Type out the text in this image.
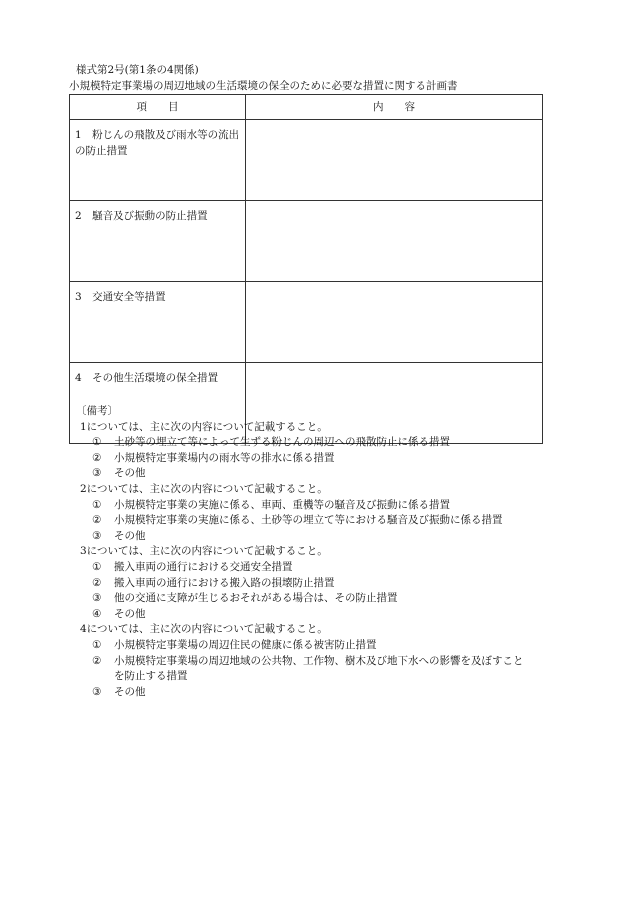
様式第2号(第1条の4関係)
小規模特定事業場の周辺地域の生活環境の保全のために必要な措置に関する計画書
項　　目	内　　容

1　粉じんの飛散及び雨水等の流出の防止措置	

2　騒音及び振動の防止措置	

3　交通安全等措置	

4　その他生活環境の保全措置	

〔備考〕
1については、主に次の内容について記載すること。
① 土砂等の埋立て等によって生ずる粉じんの周辺への飛散防止に係る措置
② 小規模特定事業場内の雨水等の排水に係る措置
③ その他
2については、主に次の内容について記載すること。
① 小規模特定事業の実施に係る、車両、重機等の騒音及び振動に係る措置
② 小規模特定事業の実施に係る、土砂等の埋立て等における騒音及び振動に係る措置
③ その他
3については、主に次の内容について記載すること。
① 搬入車両の通行における交通安全措置
② 搬入車両の通行における搬入路の損壊防止措置
③ 他の交通に支障が生じるおそれがある場合は、その防止措置
④ その他
4については、主に次の内容について記載すること。
① 小規模特定事業場の周辺住民の健康に係る被害防止措置
② 小規模特定事業場の周辺地域の公共物、工作物、樹木及び地下水への影響を及ぼすこと
を防止する措置
③ その他
